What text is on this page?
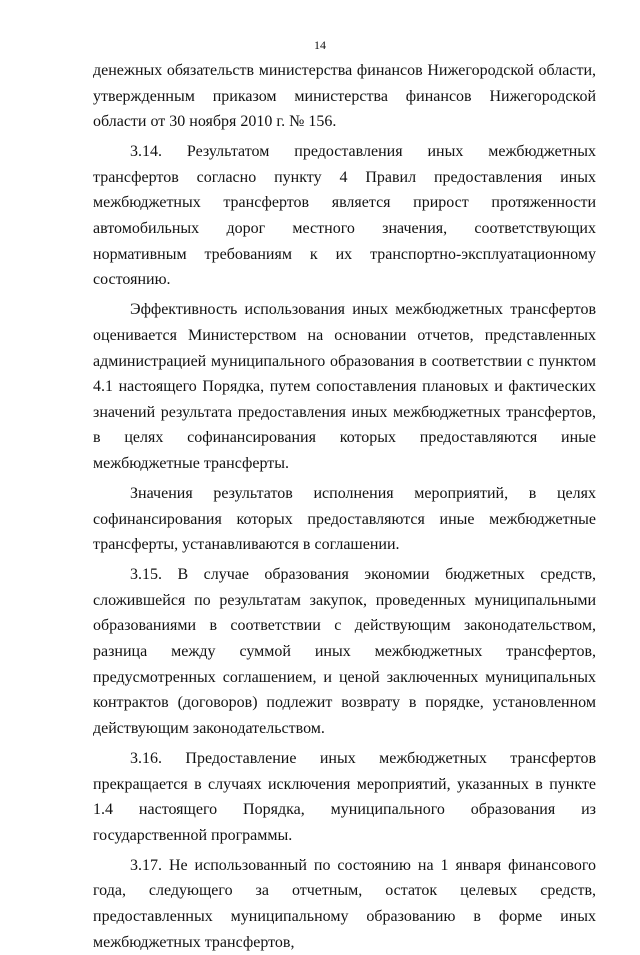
14

денежных обязательств министерства финансов Нижегородской области, утвержденным приказом министерства финансов Нижегородской области от 30 ноября 2010 г. № 156.

3.14. Результатом предоставления иных межбюджетных трансфертов согласно пункту 4 Правил предоставления иных межбюджетных трансфертов является прирост протяженности автомобильных дорог местного значения, соответствующих нормативным требованиям к их транспортно-эксплуатационному состоянию.

Эффективность использования иных межбюджетных трансфертов оценивается Министерством на основании отчетов, представленных администрацией муниципального образования в соответствии с пунктом 4.1 настоящего Порядка, путем сопоставления плановых и фактических значений результата предоставления иных межбюджетных трансфертов, в целях софинансирования которых предоставляются иные межбюджетные трансферты.

Значения результатов исполнения мероприятий, в целях софинансирования которых предоставляются иные межбюджетные трансферты, устанавливаются в соглашении.

3.15. В случае образования экономии бюджетных средств, сложившейся по результатам закупок, проведенных муниципальными образованиями в соответствии с действующим законодательством, разница между суммой иных межбюджетных трансфертов, предусмотренных соглашением, и ценой заключенных муниципальных контрактов (договоров) подлежит возврату в порядке, установленном действующим законодательством.

3.16. Предоставление иных межбюджетных трансфертов прекращается в случаях исключения мероприятий, указанных в пункте 1.4 настоящего Порядка, муниципального образования из государственной программы.

3.17. Не использованный по состоянию на 1 января финансового года, следующего за отчетным, остаток целевых средств, предоставленных муниципальному образованию в форме иных межбюджетных трансфертов,
